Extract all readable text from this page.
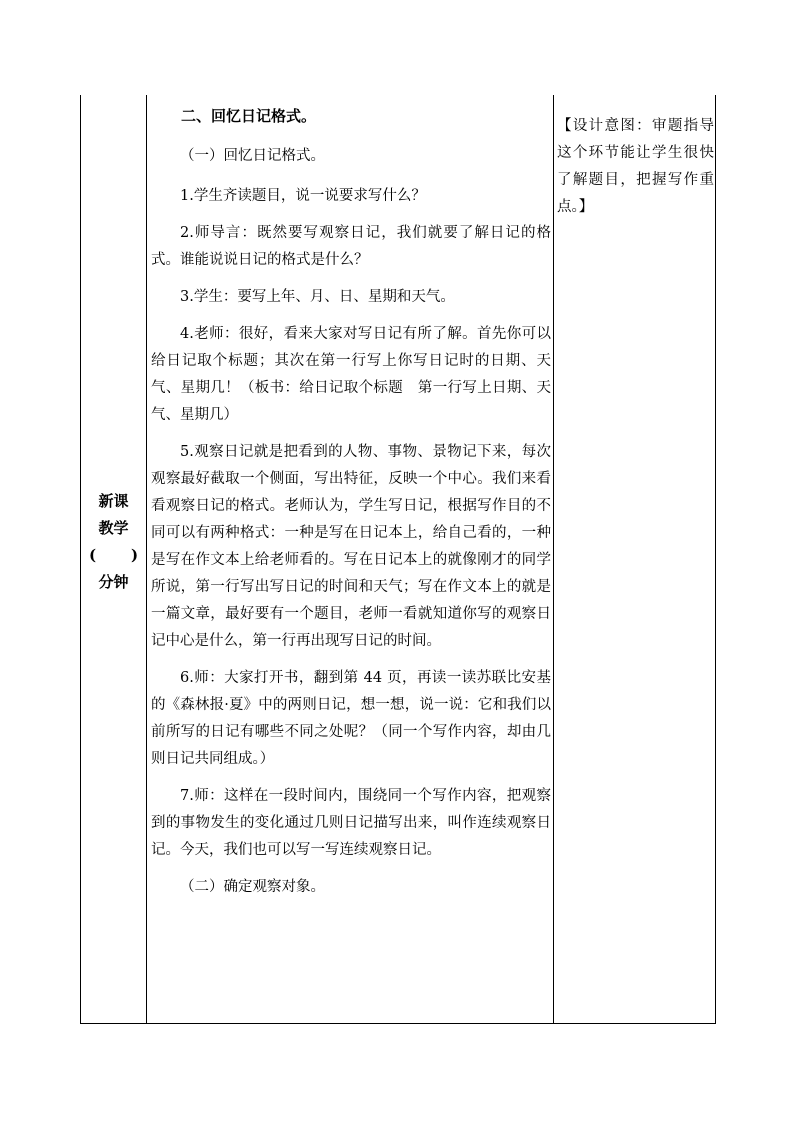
新课
教学
( )
分钟

二、回忆日记格式。

（一）回忆日记格式。

1.学生齐读题目，说一说要求写什么？

2.师导言：既然要写观察日记，我们就要了解日记的格式。谁能说说日记的格式是什么？

3.学生：要写上年、月、日、星期和天气。

4.老师：很好，看来大家对写日记有所了解。首先你可以给日记取个标题；其次在第一行写上你写日记时的日期、天气、星期几！（板书：给日记取个标题　第一行写上日期、天气、星期几）

5.观察日记就是把看到的人物、事物、景物记下来，每次观察最好截取一个侧面，写出特征，反映一个中心。我们来看看观察日记的格式。老师认为，学生写日记，根据写作目的不同可以有两种格式：一种是写在日记本上，给自己看的，一种是写在作文本上给老师看的。写在日记本上的就像刚才的同学所说，第一行写出写日记的时间和天气；写在作文本上的就是一篇文章，最好要有一个题目，老师一看就知道你写的观察日记中心是什么，第一行再出现写日记的时间。

6.师：大家打开书，翻到第 44 页，再读一读苏联比安基的《森林报·夏》中的两则日记，想一想，说一说：它和我们以前所写的日记有哪些不同之处呢？（同一个写作内容，却由几则日记共同组成。）

7.师：这样在一段时间内，围绕同一个写作内容，把观察到的事物发生的变化通过几则日记描写出来，叫作连续观察日记。今天，我们也可以写一写连续观察日记。

（二）确定观察对象。

【设计意图：审题指导这个环节能让学生很快了解题目，把握写作重点。】
